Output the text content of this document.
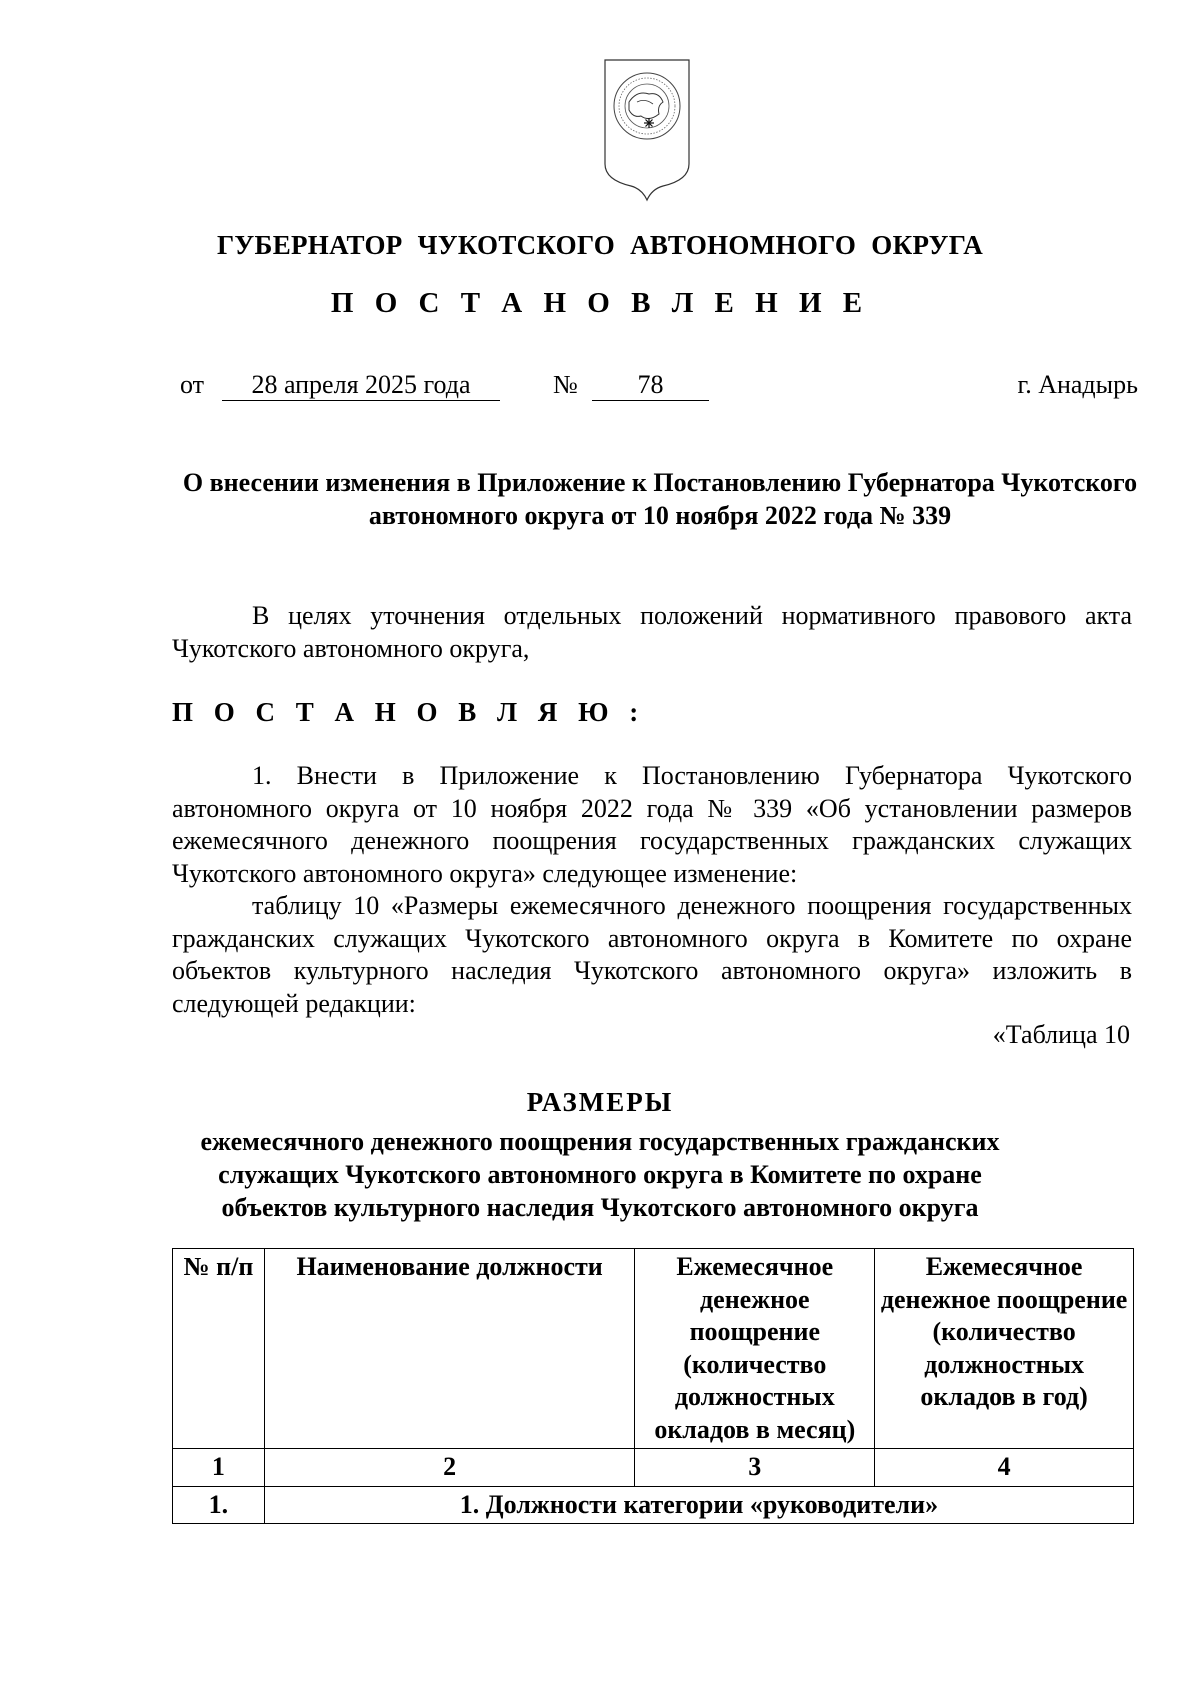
ГУБЕРНАТОР ЧУКОТСКОГО АВТОНОМНОГО ОКРУГА
П О С Т А Н О В Л Е Н И Е
от	28 апреля 2025 года	№	78	г. Анадырь
О внесении изменения в Приложение к Постановлению Губернатора Чукотского автономного округа от 10 ноября 2022 года № 339
В целях уточнения отдельных положений нормативного правового акта Чукотского автономного округа,
П О С Т А Н О В Л Я Ю :
1. Внести в Приложение к Постановлению Губернатора Чукотского автономного округа от 10 ноября 2022 года № 339 «Об установлении размеров ежемесячного денежного поощрения государственных гражданских служащих Чукотского автономного округа» следующее изменение:
таблицу 10 «Размеры ежемесячного денежного поощрения государственных гражданских служащих Чукотского автономного округа в Комитете по охране объектов культурного наследия Чукотского автономного округа» изложить в следующей редакции:
«Таблица 10
РАЗМЕРЫ
ежемесячного денежного поощрения государственных гражданских служащих Чукотского автономного округа в Комитете по охране объектов культурного наследия Чукотского автономного округа
№ п/п	Наименование должности	Ежемесячное денежное поощрение (количество должностных окладов в месяц)	Ежемесячное денежное поощрение (количество должностных окладов в год)
1	2	3	4
1.	1. Должности категории «руководители»		
